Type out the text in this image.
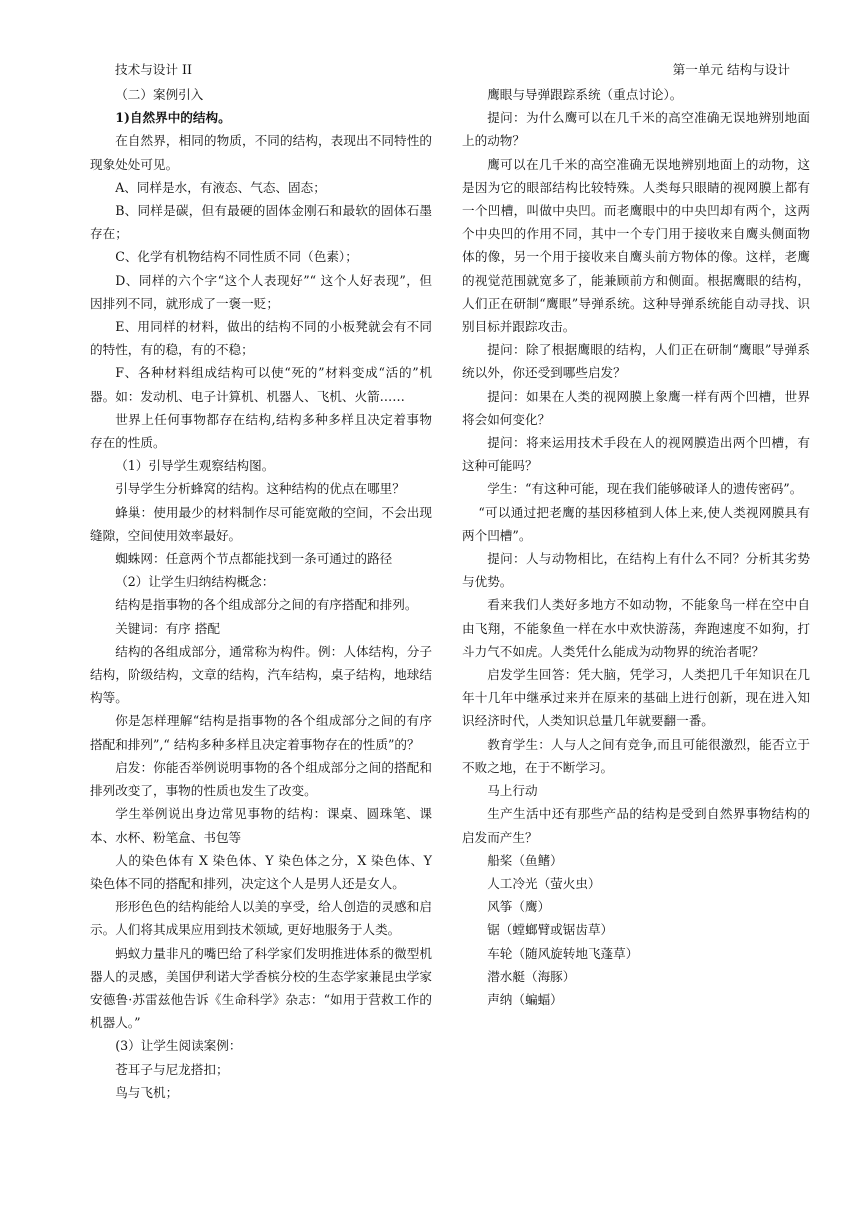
技术与设计 II	第一单元 结构与设计

（二）案例引入

1)自然界中的结构。

在自然界，相同的物质，不同的结构，表现出不同特性的现象处处可见。

A、同样是水，有液态、气态、固态；

B、同样是碳，但有最硬的固体金刚石和最软的固体石墨存在；

C、化学有机物结构不同性质不同（色素）；

D、同样的六个字“这个人表现好”“ 这个人好表现”，但因排列不同，就形成了一褒一贬；

E、用同样的材料，做出的结构不同的小板凳就会有不同的特性，有的稳，有的不稳；

F、各种材料组成结构可以使“死的”材料变成“活的”机器。如：发动机、电子计算机、机器人、飞机、火箭……

世界上任何事物都存在结构,结构多种多样且决定着事物存在的性质。

（1）引导学生观察结构图。

引导学生分析蜂窝的结构。这种结构的优点在哪里？

蜂巢：使用最少的材料制作尽可能宽敞的空间，不会出现缝隙，空间使用效率最好。

蜘蛛网：任意两个节点都能找到一条可通过的路径

（2）让学生归纳结构概念：

结构是指事物的各个组成部分之间的有序搭配和排列。

关键词：有序 搭配

结构的各组成部分，通常称为构件。例：人体结构，分子结构，阶级结构，文章的结构，汽车结构，桌子结构，地球结构等。

你是怎样理解“结构是指事物的各个组成部分之间的有序搭配和排列”,“ 结构多种多样且决定着事物存在的性质”的？

启发：你能否举例说明事物的各个组成部分之间的搭配和排列改变了，事物的性质也发生了改变。

学生举例说出身边常见事物的结构：课桌、圆珠笔、课本、水杯、粉笔盒、书包等

人的染色体有 X 染色体、Y 染色体之分，X 染色体、Y 染色体不同的搭配和排列，决定这个人是男人还是女人。

形形色色的结构能给人以美的享受，给人创造的灵感和启示。人们将其成果应用到技术领域, 更好地服务于人类。

蚂蚁力量非凡的嘴巴给了科学家们发明推进体系的微型机器人的灵感，美国伊利诺大学香槟分校的生态学家兼昆虫学家安德鲁·苏雷兹他告诉《生命科学》杂志：“如用于营救工作的机器人。”

(3）让学生阅读案例：

苍耳子与尼龙搭扣；

鸟与飞机；

鹰眼与导弹跟踪系统（重点讨论）。

提问：为什么鹰可以在几千米的高空准确无误地辨别地面上的动物？

鹰可以在几千米的高空准确无误地辨别地面上的动物，这是因为它的眼部结构比较特殊。人类每只眼睛的视网膜上都有一个凹槽，叫做中央凹。而老鹰眼中的中央凹却有两个，这两个中央凹的作用不同，其中一个专门用于接收来自鹰头侧面物体的像，另一个用于接收来自鹰头前方物体的像。这样，老鹰的视觉范围就宽多了，能兼顾前方和侧面。根据鹰眼的结构，人们正在研制“鹰眼”导弹系统。这种导弹系统能自动寻找、识别目标并跟踪攻击。

提问：除了根据鹰眼的结构，人们正在研制“鹰眼”导弹系统以外，你还受到哪些启发？

提问：如果在人类的视网膜上象鹰一样有两个凹槽，世界将会如何变化？

提问：将来运用技术手段在人的视网膜造出两个凹槽，有这种可能吗？

学生：“有这种可能，现在我们能够破译人的遗传密码”。

“可以通过把老鹰的基因移植到人体上来,使人类视网膜具有两个凹槽”。

提问：人与动物相比，在结构上有什么不同？分析其劣势与优势。

看来我们人类好多地方不如动物，不能象鸟一样在空中自由飞翔，不能象鱼一样在水中欢快游荡，奔跑速度不如狗，打斗力气不如虎。人类凭什么能成为动物界的统治者呢？

启发学生回答：凭大脑，凭学习，人类把几千年知识在几年十几年中继承过来并在原来的基础上进行创新，现在进入知识经济时代，人类知识总量几年就要翻一番。

教育学生：人与人之间有竞争,而且可能很激烈，能否立于不败之地，在于不断学习。

马上行动

生产生活中还有那些产品的结构是受到自然界事物结构的启发而产生？

船桨（鱼鳍）

人工冷光（萤火虫）

风筝（鹰）

锯（螳螂臂或锯齿草）

车轮（随风旋转地飞蓬草）

潜水艇（海豚）

声纳（蝙蝠）
